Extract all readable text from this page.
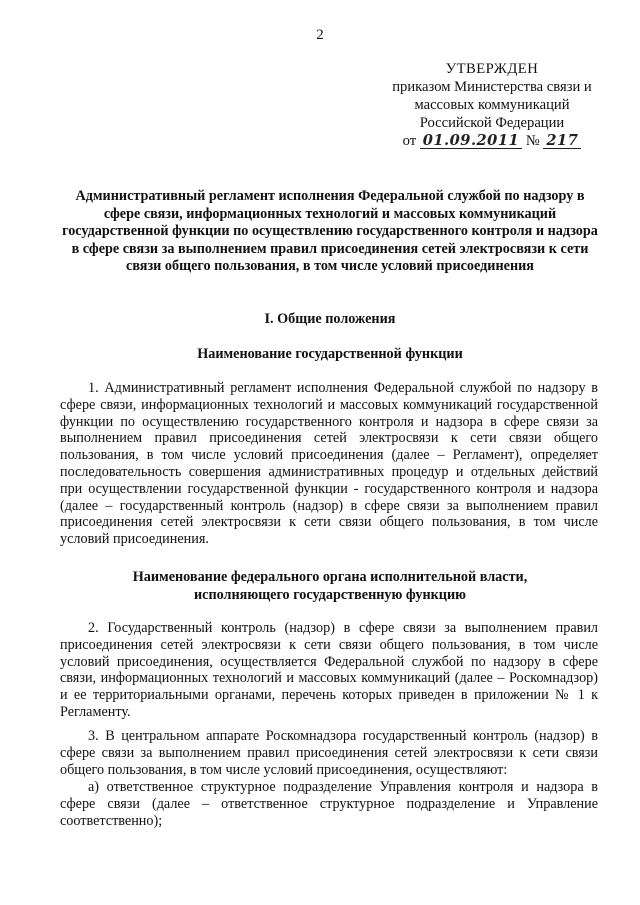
2
УТВЕРЖДЕН
приказом Министерства связи и
массовых коммуникаций
Российской Федерации
от 01.09.2011 № 217
Административный регламент исполнения Федеральной службой по надзору в сфере связи, информационных технологий и массовых коммуникаций государственной функции по осуществлению государственного контроля и надзора в сфере связи за выполнением правил присоединения сетей электросвязи к сети связи общего пользования, в том числе условий присоединения
I. Общие положения
Наименование государственной функции
1. Административный регламент исполнения Федеральной службой по надзору в сфере связи, информационных технологий и массовых коммуникаций государственной функции по осуществлению государственного контроля и надзора в сфере связи за выполнением правил присоединения сетей электросвязи к сети связи общего пользования, в том числе условий присоединения (далее – Регламент), определяет последовательность совершения административных процедур и отдельных действий при осуществлении государственной функции - государственного контроля и надзора (далее – государственный контроль (надзор) в сфере связи за выполнением правил присоединения сетей электросвязи к сети связи общего пользования, в том числе условий присоединения.
Наименование федерального органа исполнительной власти, исполняющего государственную функцию
2. Государственный контроль (надзор) в сфере связи за выполнением правил присоединения сетей электросвязи к сети связи общего пользования, в том числе условий присоединения, осуществляется Федеральной службой по надзору в сфере связи, информационных технологий и массовых коммуникаций (далее – Роскомнадзор) и ее территориальными органами, перечень которых приведен в приложении № 1 к Регламенту.
3. В центральном аппарате Роскомнадзора государственный контроль (надзор) в сфере связи за выполнением правил присоединения сетей электросвязи к сети связи общего пользования, в том числе условий присоединения, осуществляют:
а) ответственное структурное подразделение Управления контроля и надзора в сфере связи (далее – ответственное структурное подразделение и Управление соответственно);
